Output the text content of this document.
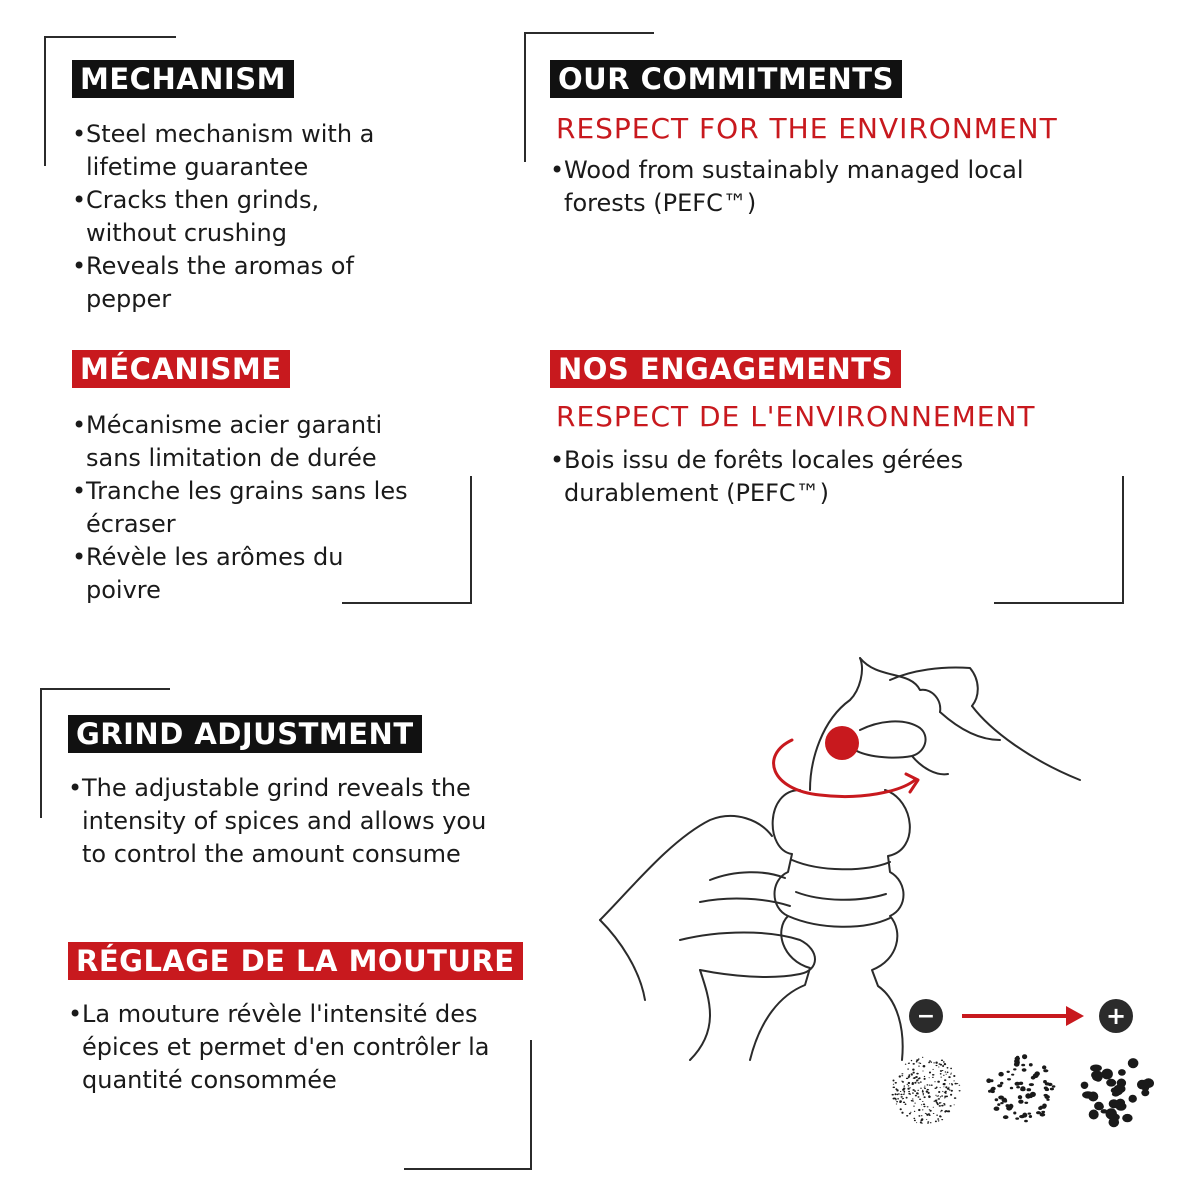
MECHANISM
• Steel mechanism with a lifetime guarantee
• Cracks then grinds, without crushing
• Reveals the aromas of pepper
MÉCANISME
• Mécanisme acier garanti sans limitation de durée
• Tranche les grains sans les écraser
• Révèle les arômes du poivre
OUR COMMITMENTS
RESPECT FOR THE ENVIRONMENT
• Wood from sustainably managed local forests (PEFC™)
NOS ENGAGEMENTS
RESPECT DE L'ENVIRONNEMENT
• Bois issu de forêts locales gérées durablement (PEFC™)
GRIND ADJUSTMENT
• The adjustable grind reveals the intensity of spices and allows you to control the amount consume
RÉGLAGE DE LA MOUTURE
• La mouture révèle l'intensité des épices et permet d'en contrôler la quantité consommée
−	+
